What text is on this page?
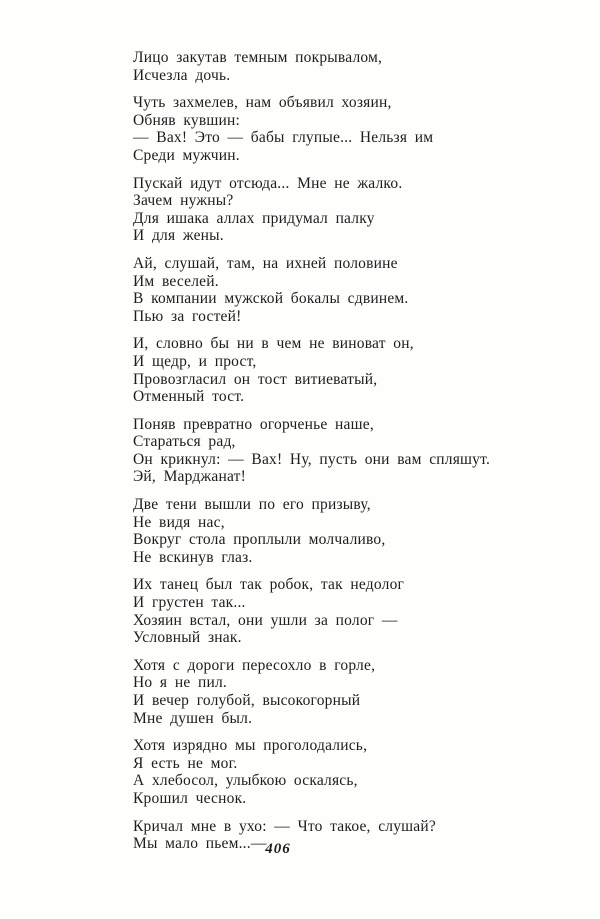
Лицо закутав темным покрывалом,
Исчезла дочь.
Чуть захмелев, нам объявил хозяин,
Обняв кувшин:
— Вах! Это — бабы глупые... Нельзя им
Среди мужчин.
Пускай идут отсюда... Мне не жалко.
Зачем нужны?
Для ишака аллах придумал палку
И для жены.
Ай, слушай, там, на ихней половине
Им веселей.
В компании мужской бокалы сдвинем.
Пью за гостей!
И, словно бы ни в чем не виноват он,
И щедр, и прост,
Провозгласил он тост витиеватый,
Отменный тост.
Поняв превратно огорченье наше,
Стараться рад,
Он крикнул: — Вах! Ну, пусть они вам спляшут.
Эй, Марджанат!
Две тени вышли по его призыву,
Не видя нас,
Вокруг стола проплыли молчаливо,
Не вскинув глаз.
Их танец был так робок, так недолог
И грустен так...
Хозяин встал, они ушли за полог —
Условный знак.
Хотя с дороги пересохло в горле,
Но я не пил.
И вечер голубой, высокогорный
Мне душен был.
Хотя изрядно мы проголодались,
Я есть не мог.
А хлебосол, улыбкою оскалясь,
Крошил чеснок.
Кричал мне в ухо: — Что такое, слушай?
Мы мало пьем...—
406
